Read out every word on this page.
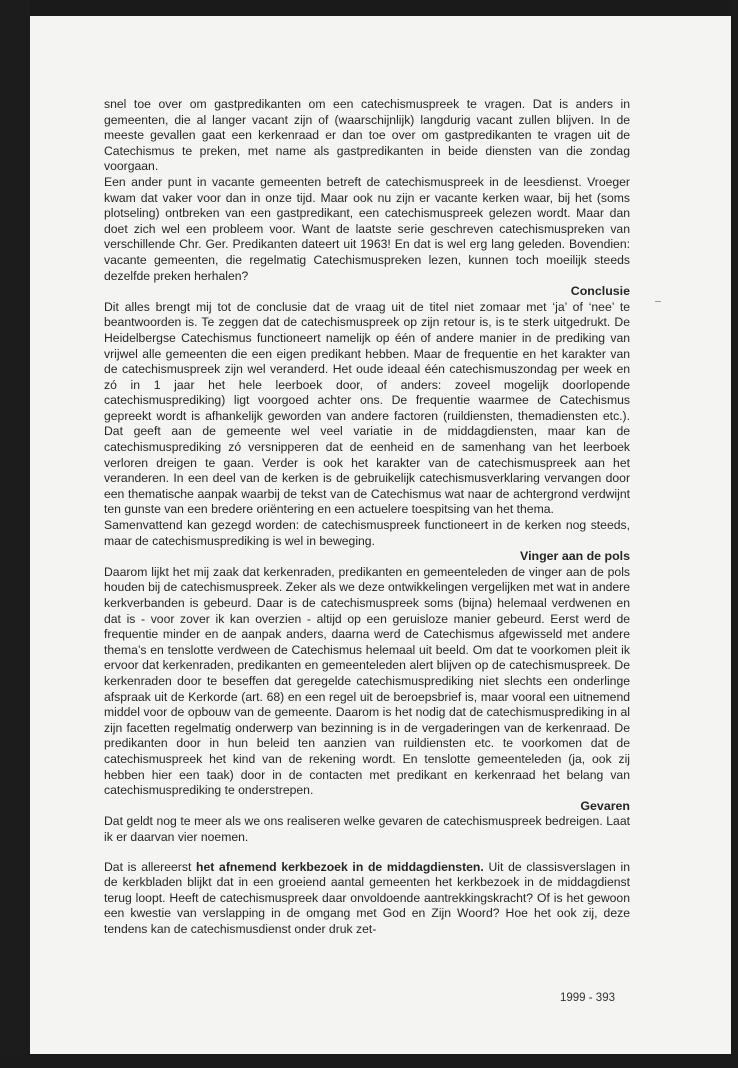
snel toe over om gastpredikanten om een catechismuspreek te vragen. Dat is anders in gemeenten, die al langer vacant zijn of (waarschijnlijk) langdurig vacant zullen blijven. In de meeste gevallen gaat een kerkenraad er dan toe over om gastpredikanten te vragen uit de Catechismus te preken, met name als gastpredikanten in beide diensten van die zondag voorgaan.

Een ander punt in vacante gemeenten betreft de catechismuspreek in de leesdienst. Vroeger kwam dat vaker voor dan in onze tijd. Maar ook nu zijn er vacante kerken waar, bij het (soms plotseling) ontbreken van een gastpredikant, een catechismuspreek gelezen wordt. Maar dan doet zich wel een probleem voor. Want de laatste serie geschreven catechismuspreken van verschillende Chr. Ger. Predikanten dateert uit 1963! En dat is wel erg lang geleden. Bovendien: vacante gemeenten, die regelmatig Catechismuspreken lezen, kunnen toch moeilijk steeds dezelfde preken herhalen?

Conclusie

Dit alles brengt mij tot de conclusie dat de vraag uit de titel niet zomaar met ‘ja’ of ‘nee’ te beantwoorden is. Te zeggen dat de catechismuspreek op zijn retour is, is te sterk uitgedrukt. De Heidelbergse Catechismus functioneert namelijk op één of andere manier in de prediking van vrijwel alle gemeenten die een eigen predikant hebben. Maar de frequentie en het karakter van de catechismuspreek zijn wel veranderd. Het oude ideaal één catechismuszondag per week en zó in 1 jaar het hele leerboek door, of anders: zoveel mogelijk doorlopende catechismusprediking) ligt voorgoed achter ons. De frequentie waarmee de Catechismus gepreekt wordt is afhankelijk geworden van andere factoren (ruildiensten, themadiensten etc.). Dat geeft aan de gemeente wel veel variatie in de middagdiensten, maar kan de catechismusprediking zó versnipperen dat de eenheid en de samenhang van het leerboek verloren dreigen te gaan. Verder is ook het karakter van de catechismuspreek aan het veranderen. In een deel van de kerken is de gebruikelijk catechismusverklaring vervangen door een thematische aanpak waarbij de tekst van de Catechismus wat naar de achtergrond verdwijnt ten gunste van een bredere oriëntering en een actuelere toespitsing van het thema.

Samenvattend kan gezegd worden: de catechismuspreek functioneert in de kerken nog steeds, maar de catechismusprediking is wel in beweging.

Vinger aan de pols

Daarom lijkt het mij zaak dat kerkenraden, predikanten en gemeenteleden de vinger aan de pols houden bij de catechismuspreek. Zeker als we deze ontwikkelingen vergelijken met wat in andere kerkverbanden is gebeurd. Daar is de catechismuspreek soms (bijna) helemaal verdwenen en dat is - voor zover ik kan overzien - altijd op een geruisloze manier gebeurd. Eerst werd de frequentie minder en de aanpak anders, daarna werd de Catechismus afgewisseld met andere thema’s en tenslotte verdween de Catechismus helemaal uit beeld. Om dat te voorkomen pleit ik ervoor dat kerkenraden, predikanten en gemeenteleden alert blijven op de catechismuspreek. De kerkenraden door te beseffen dat geregelde catechismusprediking niet slechts een onderlinge afspraak uit de Kerkorde (art. 68) en een regel uit de beroepsbrief is, maar vooral een uitnemend middel voor de opbouw van de gemeente. Daarom is het nodig dat de catechismusprediking in al zijn facetten regelmatig onderwerp van bezinning is in de vergaderingen van de kerkenraad. De predikanten door in hun beleid ten aanzien van ruildiensten etc. te voorkomen dat de catechismuspreek het kind van de rekening wordt. En tenslotte gemeenteleden (ja, ook zij hebben hier een taak) door in de contacten met predikant en kerkenraad het belang van catechismusprediking te onderstrepen.

Gevaren

Dat geldt nog te meer als we ons realiseren welke gevaren de catechismuspreek bedreigen. Laat ik er daarvan vier noemen.

Dat is allereerst het afnemend kerkbezoek in de middagdiensten. Uit de classisverslagen in de kerkbladen blijkt dat in een groeiend aantal gemeenten het kerkbezoek in de middagdienst terug loopt. Heeft de catechismuspreek daar onvoldoende aantrekkingskracht? Of is het gewoon een kwestie van verslapping in de omgang met God en Zijn Woord? Hoe het ook zij, deze tendens kan de catechismusdienst onder druk zet-

1999 - 393
